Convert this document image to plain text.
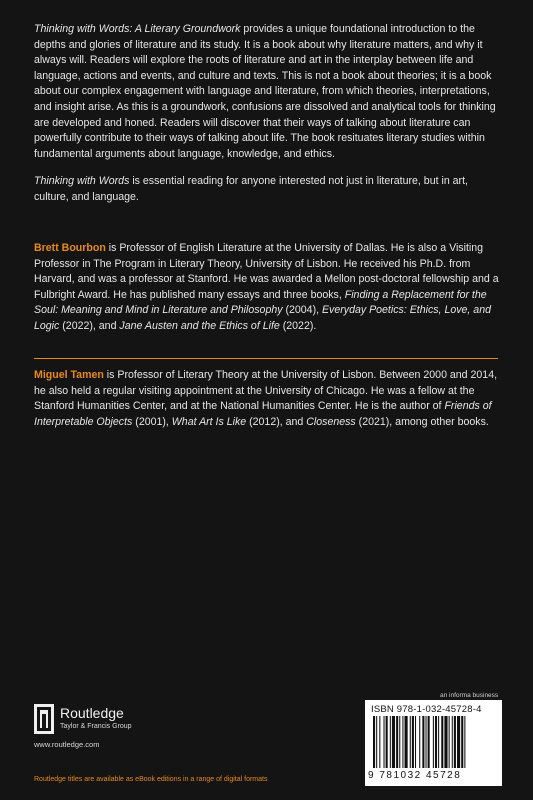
Thinking with Words: A Literary Groundwork provides a unique foundational introduction to the depths and glories of literature and its study. It is a book about why literature matters, and why it always will. Readers will explore the roots of literature and art in the interplay between life and language, actions and events, and culture and texts. This is not a book about theories; it is a book about our complex engagement with language and literature, from which theories, interpretations, and insight arise. As this is a groundwork, confusions are dissolved and analytical tools for thinking are developed and honed. Readers will discover that their ways of talking about literature can powerfully contribute to their ways of talking about life. The book resituates literary studies within fundamental arguments about language, knowledge, and ethics.

Thinking with Words is essential reading for anyone interested not just in literature, but in art, culture, and language.

Brett Bourbon is Professor of English Literature at the University of Dallas. He is also a Visiting Professor in The Program in Literary Theory, University of Lisbon. He received his Ph.D. from Harvard, and was a professor at Stanford. He was awarded a Mellon post-doctoral fellowship and a Fulbright Award. He has published many essays and three books, Finding a Replacement for the Soul: Meaning and Mind in Literature and Philosophy (2004), Everyday Poetics: Ethics, Love, and Logic (2022), and Jane Austen and the Ethics of Life (2022).

Miguel Tamen is Professor of Literary Theory at the University of Lisbon. Between 2000 and 2014, he also held a regular visiting appointment at the University of Chicago. He was a fellow at the Stanford Humanities Center, and at the National Humanities Center. He is the author of Friends of Interpretable Objects (2001), What Art Is Like (2012), and Closeness (2021), among other books.

an informa business
Routledge
Taylor & Francis Group
www.routledge.com
Routledge titles are available as eBook editions in a range of digital formats
ISBN 978-1-032-45728-4
9 781032 45728
